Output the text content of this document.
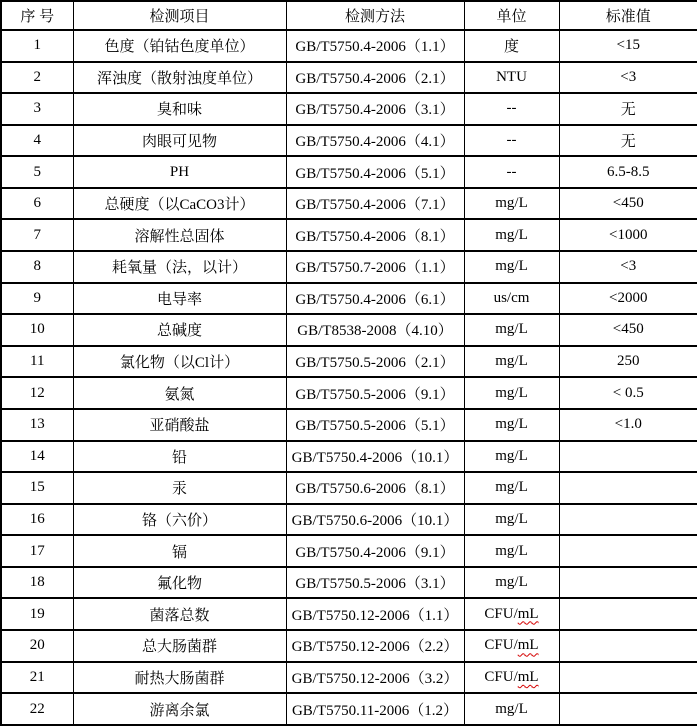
序 号	检测项目	检测方法	单位	标准值
1	色度（铂钴色度单位）	GB/T5750.4-2006（1.1）	度	<15
2	浑浊度（散射浊度单位）	GB/T5750.4-2006（2.1）	NTU	<3
3	臭和味	GB/T5750.4-2006（3.1）	--	无
4	肉眼可见物	GB/T5750.4-2006（4.1）	--	无
5	PH	GB/T5750.4-2006（5.1）	--	6.5-8.5
6	总硬度（以CaCO3计）	GB/T5750.4-2006（7.1）	mg/L	<450
7	溶解性总固体	GB/T5750.4-2006（8.1）	mg/L	<1000
8	耗氧量（法，以计）	GB/T5750.7-2006（1.1）	mg/L	<3
9	电导率	GB/T5750.4-2006（6.1）	us/cm	<2000
10	总碱度	GB/T8538-2008（4.10）	mg/L	<450
11	氯化物（以Cl计）	GB/T5750.5-2006（2.1）	mg/L	250
12	氨氮	GB/T5750.5-2006（9.1）	mg/L	< 0.5
13	亚硝酸盐	GB/T5750.5-2006（5.1）	mg/L	<1.0
14	铅	GB/T5750.4-2006（10.1）	mg/L	
15	汞	GB/T5750.6-2006（8.1）	mg/L	
16	铬（六价）	GB/T5750.6-2006（10.1）	mg/L	
17	镉	GB/T5750.4-2006（9.1）	mg/L	
18	氟化物	GB/T5750.5-2006（3.1）	mg/L	
19	菌落总数	GB/T5750.12-2006（1.1）	CFU/mL	
20	总大肠菌群	GB/T5750.12-2006（2.2）	CFU/mL	
21	耐热大肠菌群	GB/T5750.12-2006（3.2）	CFU/mL	
22	游离余氯	GB/T5750.11-2006（1.2）	mg/L	
